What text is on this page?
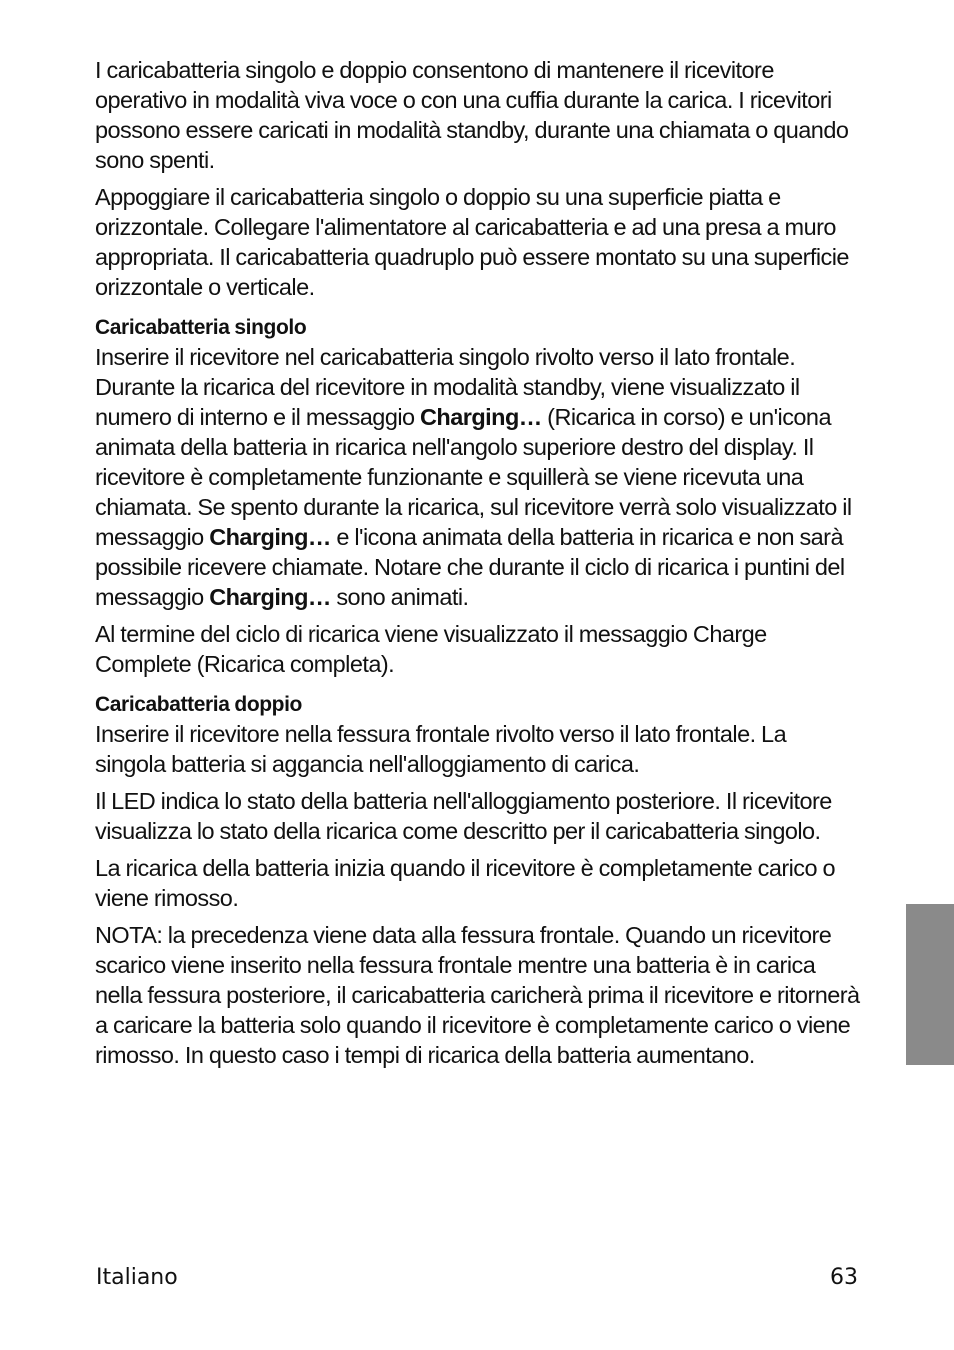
I caricabatteria singolo e doppio consentono di mantenere il ricevitore operativo in modalità viva voce o con una cuffia durante la carica. I ricevitori possono essere caricati in modalità standby, durante una chiamata o quando sono spenti.

Appoggiare il caricabatteria singolo o doppio su una superficie piatta e orizzontale. Collegare l'alimentatore al caricabatteria e ad una presa a muro appropriata. Il caricabatteria quadruplo può essere montato su una superficie orizzontale o verticale.

Caricabatteria singolo

Inserire il ricevitore nel caricabatteria singolo rivolto verso il lato frontale. Durante la ricarica del ricevitore in modalità standby, viene visualizzato il numero di interno e il messaggio Charging… (Ricarica in corso) e un'icona animata della batteria in ricarica nell'angolo superiore destro del display. Il ricevitore è completamente funzionante e squillerà se viene ricevuta una chiamata. Se spento durante la ricarica, sul ricevitore verrà solo visualizzato il messaggio Charging… e l'icona animata della batteria in ricarica e non sarà possibile ricevere chiamate. Notare che durante il ciclo di ricarica i puntini del messaggio Charging… sono animati.

Al termine del ciclo di ricarica viene visualizzato il messaggio Charge Complete (Ricarica completa).

Caricabatteria doppio

Inserire il ricevitore nella fessura frontale rivolto verso il lato frontale. La singola batteria si aggancia nell'alloggiamento di carica.

Il LED indica lo stato della batteria nell'alloggiamento posteriore. Il ricevitore visualizza lo stato della ricarica come descritto per il caricabatteria singolo.

La ricarica della batteria inizia quando il ricevitore è completamente carico o viene rimosso.

NOTA: la precedenza viene data alla fessura frontale. Quando un ricevitore scarico viene inserito nella fessura frontale mentre una batteria è in carica nella fessura posteriore, il caricabatteria caricherà prima il ricevitore e ritornerà a caricare la batteria solo quando il ricevitore è completamente carico o viene rimosso. In questo caso i tempi di ricarica della batteria aumentano.

Italiano	63
